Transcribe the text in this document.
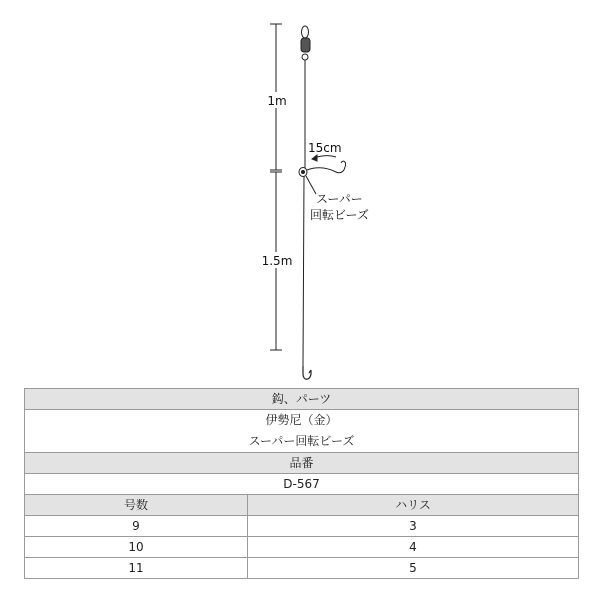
1m
1.5m
15cm
スーパー
回転ビーズ
鈎、パーツ	

伊勢尼（金）
スーパー回転ビーズ	

品番	
D-567	
号数	ハリス
9	3
10	4
11	5
